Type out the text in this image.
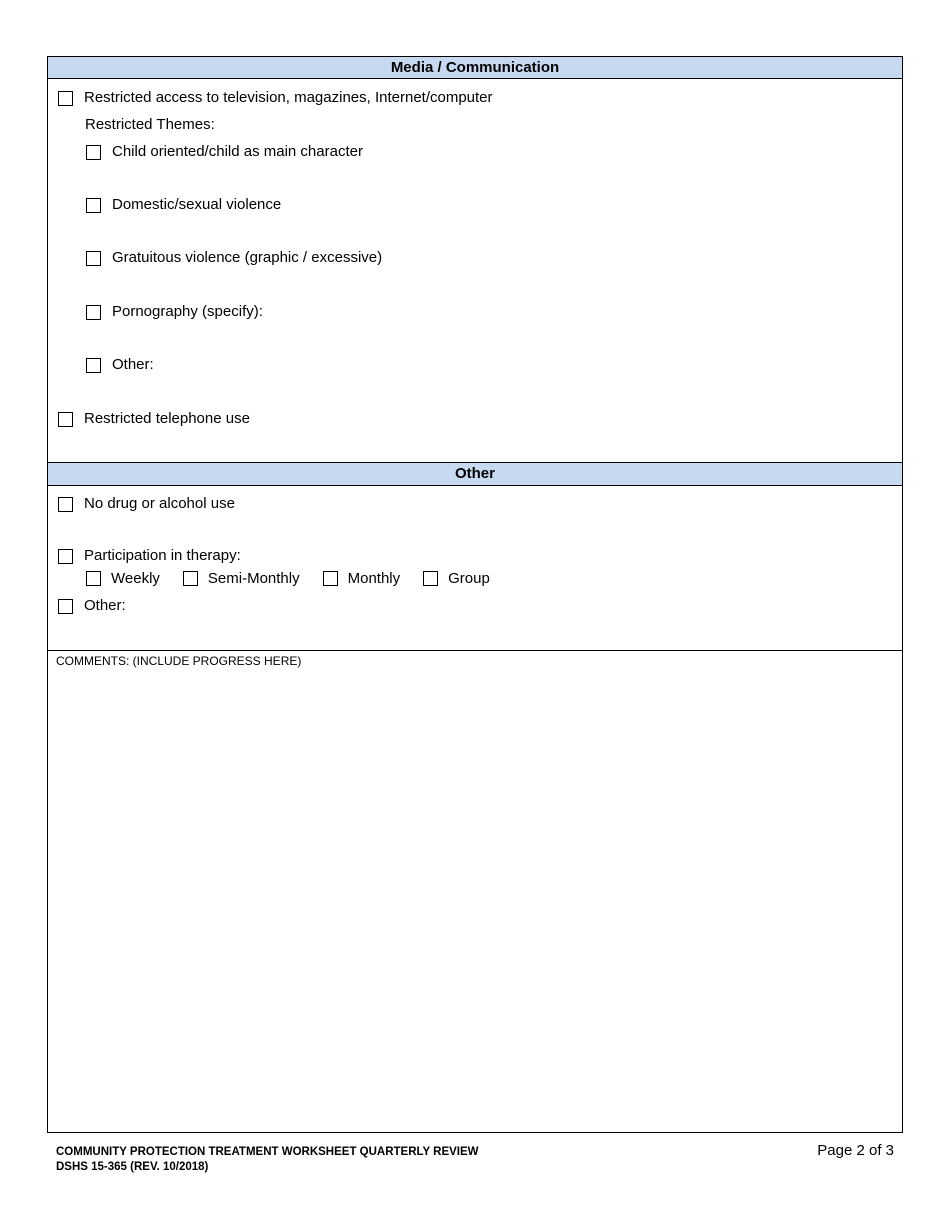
Media / Communication
Restricted access to television, magazines, Internet/computer
Restricted Themes:
Child oriented/child as main character
Domestic/sexual violence
Gratuitous violence (graphic / excessive)
Pornography (specify):
Other:
Restricted telephone use
Other
No drug or alcohol use
Participation in therapy:
Weekly	Semi-Monthly	Monthly	Group
Other:
COMMENTS: (INCLUDE PROGRESS HERE)
COMMUNITY PROTECTION TREATMENT WORKSHEET QUARTERLY REVIEW
DSHS 15-365 (REV. 10/2018)
Page 2 of 3
